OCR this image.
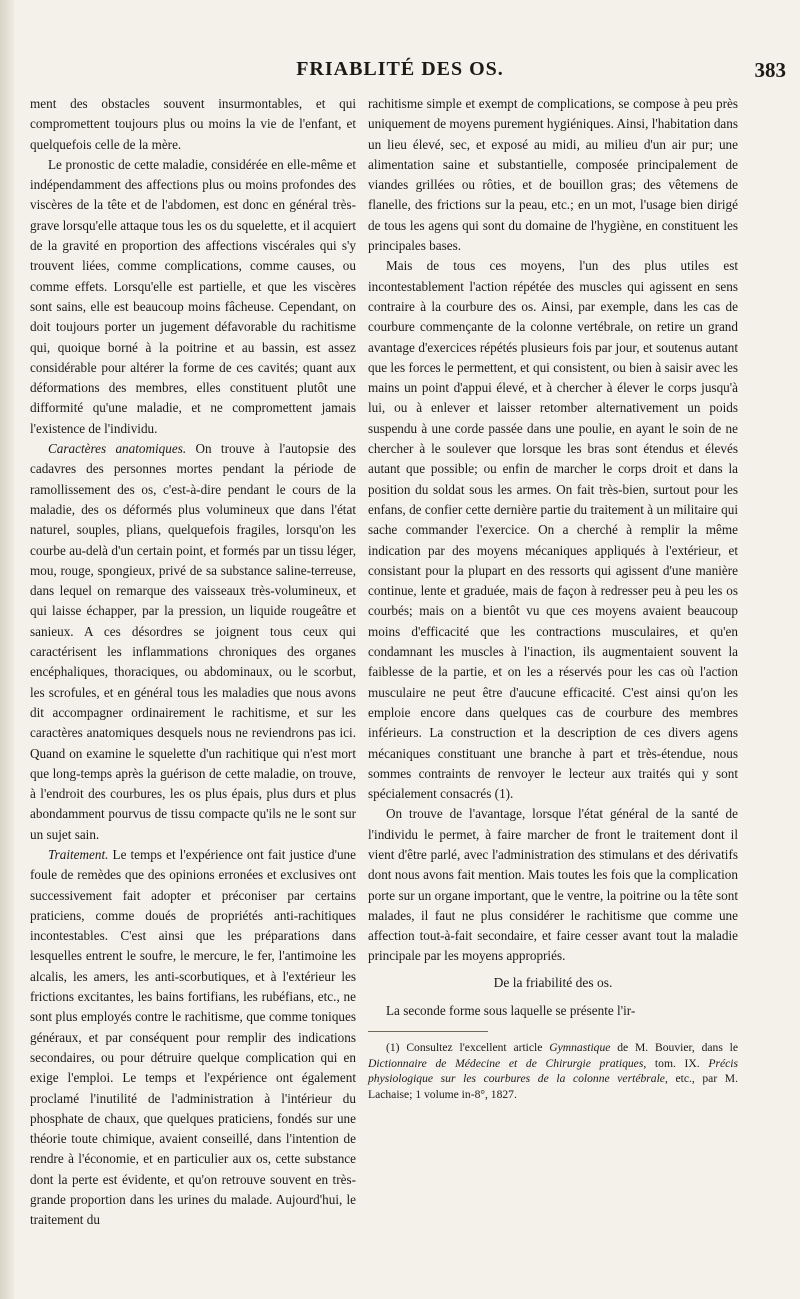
FRIABLITÉ DES OS.	383

ment des obstacles souvent insurmontables, et qui compromettent toujours plus ou moins la vie de l'enfant, et quelquefois celle de la mère.

Le pronostic de cette maladie, considérée en elle-même et indépendamment des affections plus ou moins profondes des viscères de la tête et de l'abdomen, est donc en général très-grave lorsqu'elle attaque tous les os du squelette, et il acquiert de la gravité en proportion des affections viscérales qui s'y trouvent liées, comme complications, comme causes, ou comme effets. Lorsqu'elle est partielle, et que les viscères sont sains, elle est beaucoup moins fâcheuse. Cependant, on doit toujours porter un jugement défavorable du rachitisme qui, quoique borné à la poitrine et au bassin, est assez considérable pour altérer la forme de ces cavités; quant aux déformations des membres, elles constituent plutôt une difformité qu'une maladie, et ne compromettent jamais l'existence de l'individu.

Caractères anatomiques. On trouve à l'autopsie des cadavres des personnes mortes pendant la période de ramollissement des os, c'est-à-dire pendant le cours de la maladie, des os déformés plus volumineux que dans l'état naturel, souples, plians, quelquefois fragiles, lorsqu'on les courbe au-delà d'un certain point, et formés par un tissu léger, mou, rouge, spongieux, privé de sa substance saline-terreuse, dans lequel on remarque des vaisseaux très-volumineux, et qui laisse échapper, par la pression, un liquide rougeâtre et sanieux. A ces désordres se joignent tous ceux qui caractérisent les inflammations chroniques des organes encéphaliques, thoraciques, ou abdominaux, ou le scorbut, les scrofules, et en général tous les maladies que nous avons dit accompagner ordinairement le rachitisme, et sur les caractères anatomiques desquels nous ne reviendrons pas ici. Quand on examine le squelette d'un rachitique qui n'est mort que long-temps après la guérison de cette maladie, on trouve, à l'endroit des courbures, les os plus épais, plus durs et plus abondamment pourvus de tissu compacte qu'ils ne le sont sur un sujet sain.

Traitement. Le temps et l'expérience ont fait justice d'une foule de remèdes que des opinions erronées et exclusives ont successivement fait adopter et préconiser par certains praticiens, comme doués de propriétés anti-rachitiques incontestables. C'est ainsi que les préparations dans lesquelles entrent le soufre, le mercure, le fer, l'antimoine les alcalis, les amers, les anti-scorbutiques, et à l'extérieur les frictions excitantes, les bains fortifians, les rubéfians, etc., ne sont plus employés contre le rachitisme, que comme toniques généraux, et par conséquent pour remplir des indications secondaires, ou pour détruire quelque complication qui en exige l'emploi. Le temps et l'expérience ont également proclamé l'inutilité de l'administration à l'intérieur du phosphate de chaux, que quelques praticiens, fondés sur une théorie toute chimique, avaient conseillé, dans l'intention de rendre à l'économie, et en particulier aux os, cette substance dont la perte est évidente, et qu'on retrouve souvent en très-grande proportion dans les urines du malade. Aujourd'hui, le traitement du

rachitisme simple et exempt de complications, se compose à peu près uniquement de moyens purement hygiéniques. Ainsi, l'habitation dans un lieu élevé, sec, et exposé au midi, au milieu d'un air pur; une alimentation saine et substantielle, composée principalement de viandes grillées ou rôties, et de bouillon gras; des vêtemens de flanelle, des frictions sur la peau, etc.; en un mot, l'usage bien dirigé de tous les agens qui sont du domaine de l'hygiène, en constituent les principales bases.

Mais de tous ces moyens, l'un des plus utiles est incontestablement l'action répétée des muscles qui agissent en sens contraire à la courbure des os. Ainsi, par exemple, dans les cas de courbure commençante de la colonne vertébrale, on retire un grand avantage d'exercices répétés plusieurs fois par jour, et soutenus autant que les forces le permettent, et qui consistent, ou bien à saisir avec les mains un point d'appui élevé, et à chercher à élever le corps jusqu'à lui, ou à enlever et laisser retomber alternativement un poids suspendu à une corde passée dans une poulie, en ayant le soin de ne chercher à le soulever que lorsque les bras sont étendus et élevés autant que possible; ou enfin de marcher le corps droit et dans la position du soldat sous les armes. On fait très-bien, surtout pour les enfans, de confier cette dernière partie du traitement à un militaire qui sache commander l'exercice. On a cherché à remplir la même indication par des moyens mécaniques appliqués à l'extérieur, et consistant pour la plupart en des ressorts qui agissent d'une manière continue, lente et graduée, mais de façon à redresser peu à peu les os courbés; mais on a bientôt vu que ces moyens avaient beaucoup moins d'efficacité que les contractions musculaires, et qu'en condamnant les muscles à l'inaction, ils augmentaient souvent la faiblesse de la partie, et on les a réservés pour les cas où l'action musculaire ne peut être d'aucune efficacité. C'est ainsi qu'on les emploie encore dans quelques cas de courbure des membres inférieurs. La construction et la description de ces divers agens mécaniques constituant une branche à part et très-étendue, nous sommes contraints de renvoyer le lecteur aux traités qui y sont spécialement consacrés (1).

On trouve de l'avantage, lorsque l'état général de la santé de l'individu le permet, à faire marcher de front le traitement dont il vient d'être parlé, avec l'administration des stimulans et des dérivatifs dont nous avons fait mention. Mais toutes les fois que la complication porte sur un organe important, que le ventre, la poitrine ou la tête sont malades, il faut ne plus considérer le rachitisme que comme une affection tout-à-fait secondaire, et faire cesser avant tout la maladie principale par les moyens appropriés.

De la friabilité des os.

La seconde forme sous laquelle se présente l'ir-

(1) Consultez l'excellent article Gymnastique de M. Bouvier, dans le Dictionnaire de Médecine et de Chirurgie pratiques, tom. IX. Précis physiologique sur les courbures de la colonne vertébrale, etc., par M. Lachaise; 1 volume in-8°, 1827.
